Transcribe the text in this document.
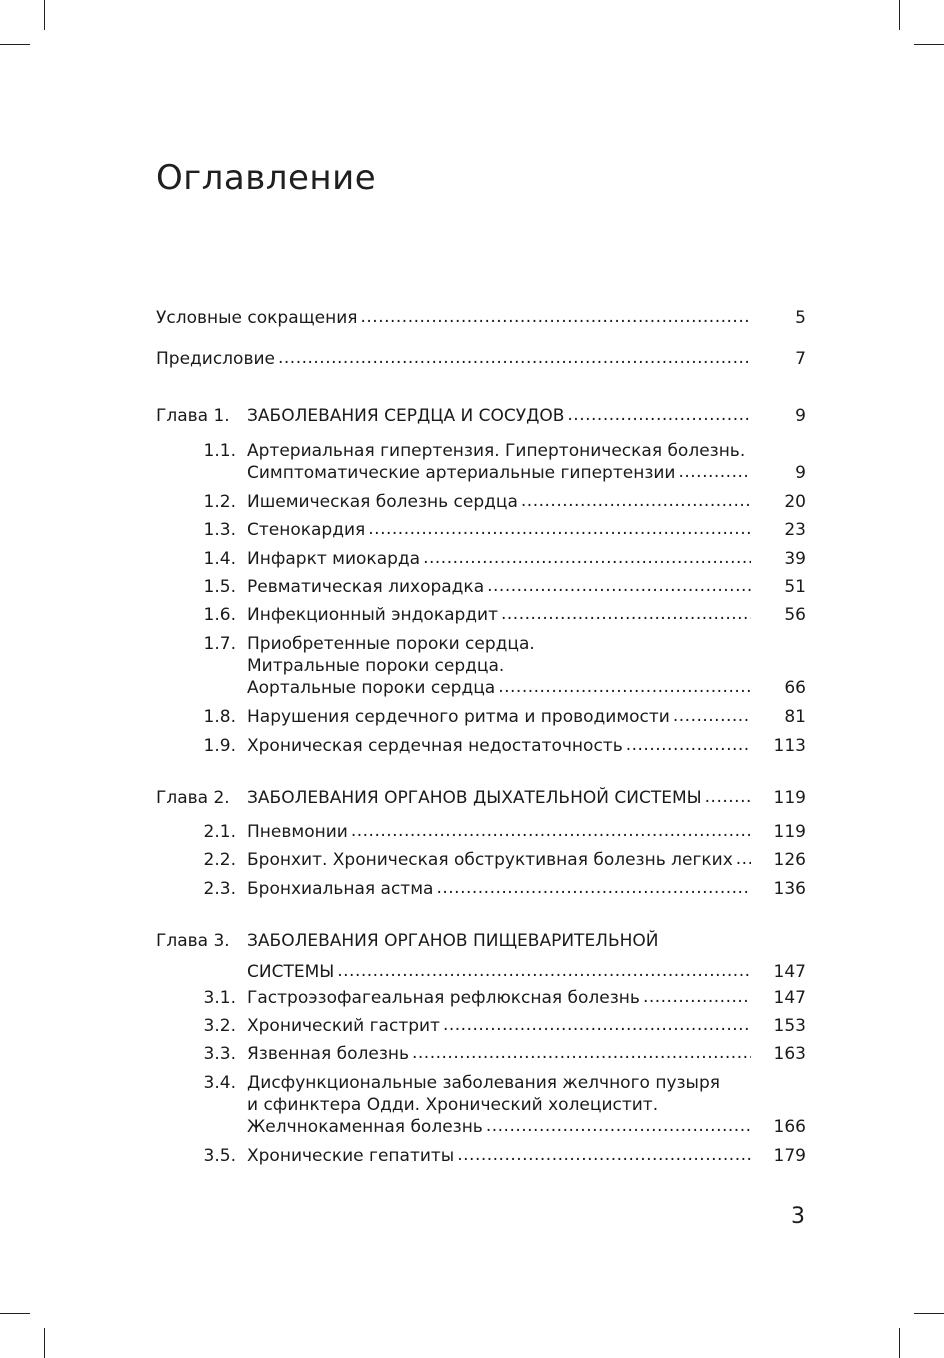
Оглавление
Условные сокращения .....	5
Предисловие .....	7
Глава 1. ЗАБОЛЕВАНИЯ СЕРДЦА И СОСУДОВ .....	9
1.1. Артериальная гипертензия. Гипертоническая болезнь.
Симптоматические артериальные гипертензии .....	9
1.2. Ишемическая болезнь сердца .....	20
1.3. Стенокардия .....	23
1.4. Инфаркт миокарда .....	39
1.5. Ревматическая лихорадка .....	51
1.6. Инфекционный эндокардит .....	56
1.7. Приобретенные пороки сердца.
Митральные пороки сердца.
Аортальные пороки сердца .....	66
1.8. Нарушения сердечного ритма и проводимости .....	81
1.9. Хроническая сердечная недостаточность .....	113
Глава 2. ЗАБОЛЕВАНИЯ ОРГАНОВ ДЫХАТЕЛЬНОЙ СИСТЕМЫ .....	119
2.1. Пневмонии .....	119
2.2. Бронхит. Хроническая обструктивная болезнь легких .....	126
2.3. Бронхиальная астма .....	136
Глава 3. ЗАБОЛЕВАНИЯ ОРГАНОВ ПИЩЕВАРИТЕЛЬНОЙ
СИСТЕМЫ .....	147
3.1. Гастроэзофагеальная рефлюксная болезнь .....	147
3.2. Хронический гастрит .....	153
3.3. Язвенная болезнь .....	163
3.4. Дисфункциональные заболевания желчного пузыря
и сфинктера Одди. Хронический холецистит.
Желчнокаменная болезнь .....	166
3.5. Хронические гепатиты .....	179
3
